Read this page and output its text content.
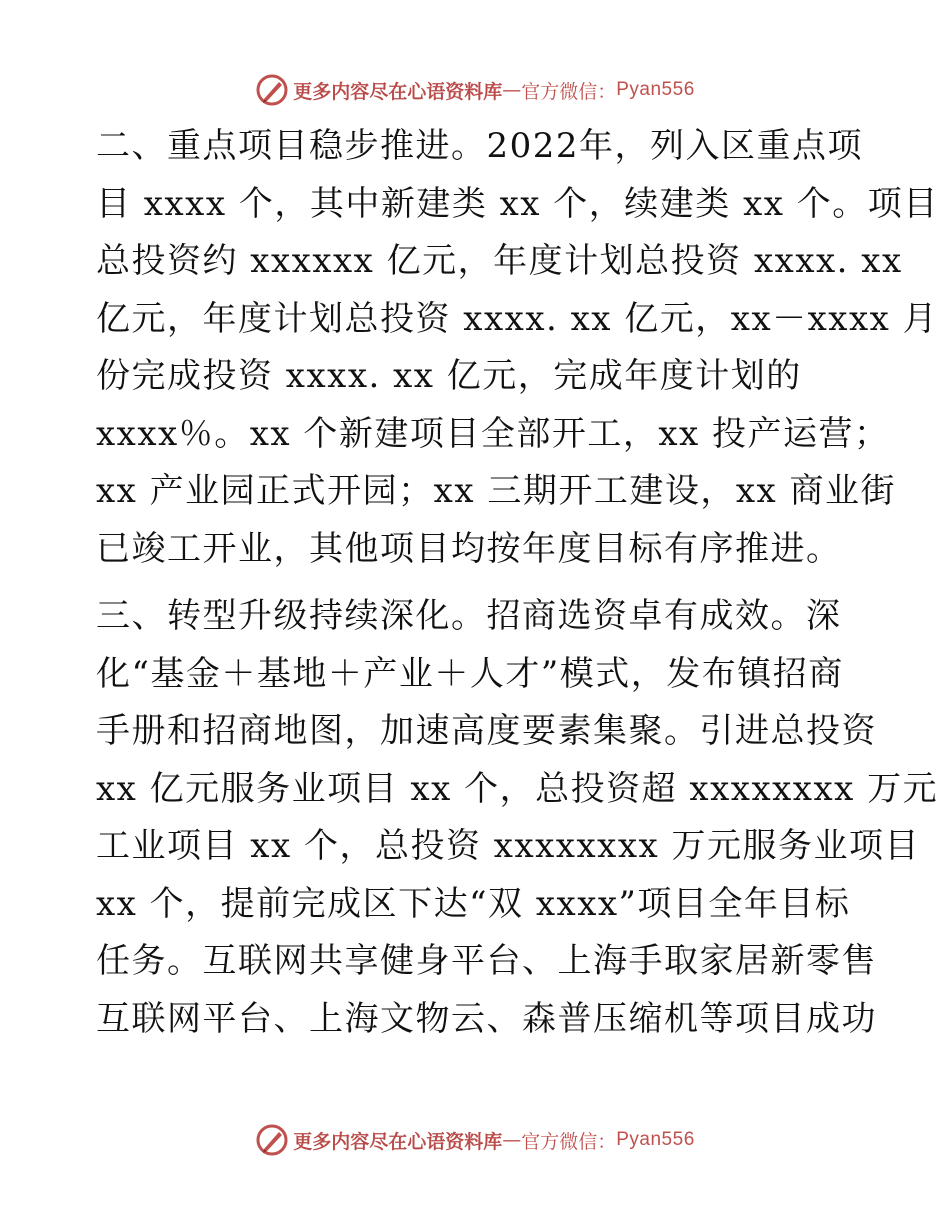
更多内容尽在心语资料库 — 官方微信： Pyan556

二、重点项目稳步推进。2022年，列入区重点项
目 xxxx 个，其中新建类 xx 个，续建类 xx 个。项目
总投资约 xxxxxx 亿元，年度计划总投资 xxxx. xx
亿元，年度计划总投资 xxxx. xx 亿元，xx－xxxx 月
份完成投资 xxxx. xx 亿元，完成年度计划的
xxxx％。xx 个新建项目全部开工，xx 投产运营；
xx 产业园正式开园；xx 三期开工建设，xx 商业街
已竣工开业，其他项目均按年度目标有序推进。

三、转型升级持续深化。招商选资卓有成效。深
化“基金＋基地＋产业＋人才”模式，发布镇招商
手册和招商地图，加速高度要素集聚。引进总投资
xx 亿元服务业项目 xx 个，总投资超 xxxxxxxx 万元
工业项目 xx 个，总投资 xxxxxxxx 万元服务业项目
xx 个，提前完成区下达“双 xxxx”项目全年目标
任务。互联网共享健身平台、上海手取家居新零售
互联网平台、上海文物云、森普压缩机等项目成功

更多内容尽在心语资料库 — 官方微信： Pyan556
